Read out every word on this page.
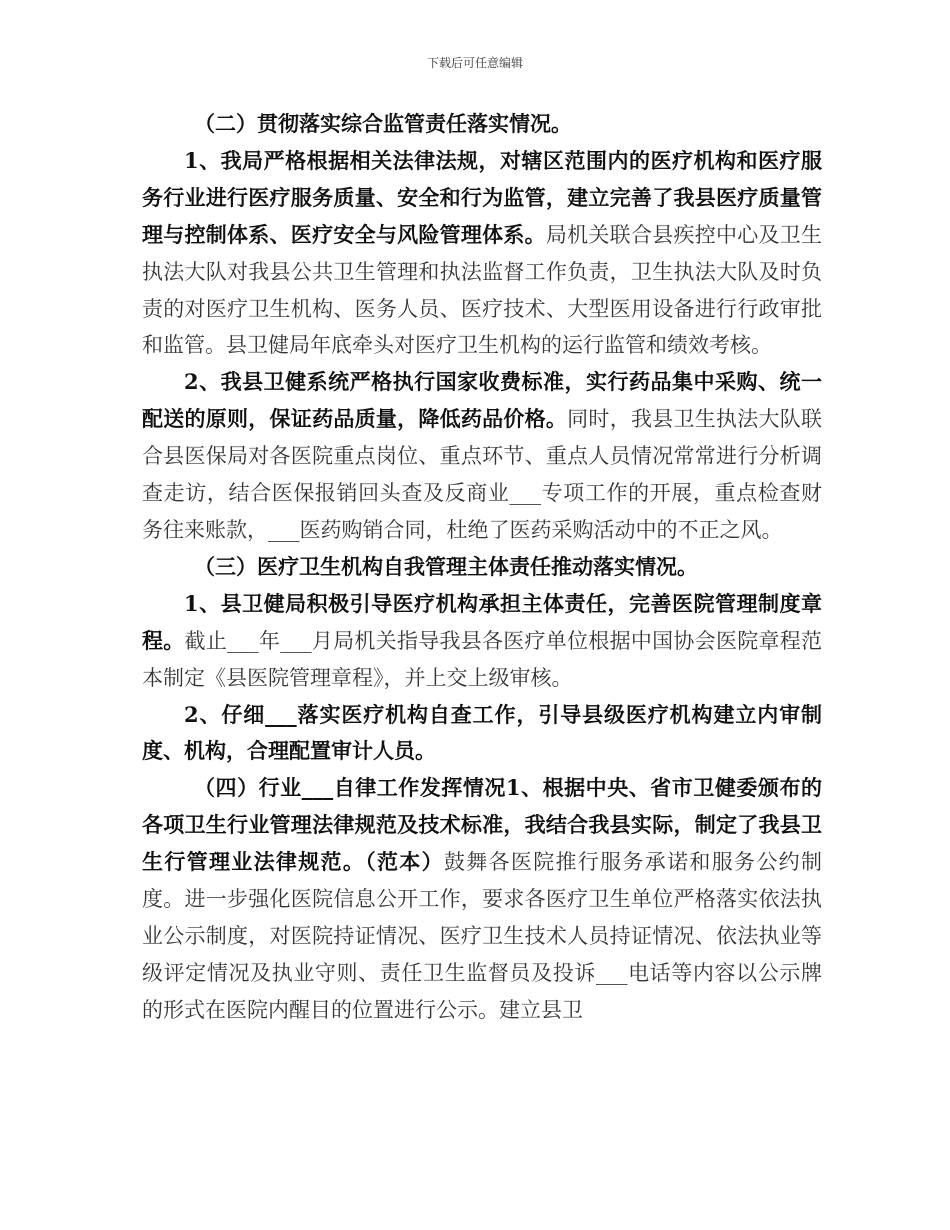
下载后可任意编辑

（二）贯彻落实综合监管责任落实情况。

1、我局严格根据相关法律法规，对辖区范围内的医疗机构和医疗服务行业进行医疗服务质量、安全和行为监管，建立完善了我县医疗质量管理与控制体系、医疗安全与风险管理体系。局机关联合县疾控中心及卫生执法大队对我县公共卫生管理和执法监督工作负责，卫生执法大队及时负责的对医疗卫生机构、医务人员、医疗技术、大型医用设备进行行政审批和监管。县卫健局年底牵头对医疗卫生机构的运行监管和绩效考核。

2、我县卫健系统严格执行国家收费标准，实行药品集中采购、统一配送的原则，保证药品质量，降低药品价格。同时，我县卫生执法大队联合县医保局对各医院重点岗位、重点环节、重点人员情况常常进行分析调查走访，结合医保报销回头查及反商业___专项工作的开展，重点检查财务往来账款，___医药购销合同，杜绝了医药采购活动中的不正之风。

（三）医疗卫生机构自我管理主体责任推动落实情况。

1、县卫健局积极引导医疗机构承担主体责任，完善医院管理制度章程。截止___年___月局机关指导我县各医疗单位根据中国协会医院章程范本制定《县医院管理章程》，并上交上级审核。

2、仔细___落实医疗机构自查工作，引导县级医疗机构建立内审制度、机构，合理配置审计人员。

（四）行业___自律工作发挥情况1、根据中央、省市卫健委颁布的各项卫生行业管理法律规范及技术标准，我结合我县实际，制定了我县卫生行管理业法律规范。（范本）鼓舞各医院推行服务承诺和服务公约制度。进一步强化医院信息公开工作，要求各医疗卫生单位严格落实依法执业公示制度，对医院持证情况、医疗卫生技术人员持证情况、依法执业等级评定情况及执业守则、责任卫生监督员及投诉___电话等内容以公示牌的形式在医院内醒目的位置进行公示。建立县卫
